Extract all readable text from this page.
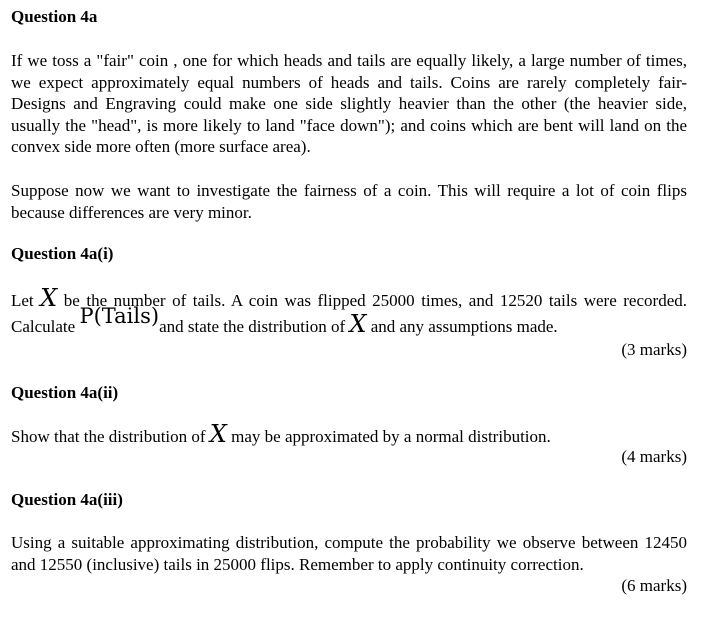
Question 4a
If we toss a "fair" coin , one for which heads and tails are equally likely, a large number of times, we expect approximately equal numbers of heads and tails. Coins are rarely completely fair- Designs and Engraving could make one side slightly heavier than the other (the heavier side, usually the "head", is more likely to land "face down"); and coins which are bent will land on the convex side more often (more surface area).
Suppose now we want to investigate the fairness of a coin. This will require a lot of coin flips because differences are very minor.
Question 4a(i)
Let X be the number of tails. A coin was flipped 25000 times, and 12520 tails were recorded. Calculate P(Tails)and state the distribution of X and any assumptions made.
(3 marks)
Question 4a(ii)
Show that the distribution of X may be approximated by a normal distribution.
(4 marks)
Question 4a(iii)
Using a suitable approximating distribution, compute the probability we observe between 12450 and 12550 (inclusive) tails in 25000 flips. Remember to apply continuity correction.
(6 marks)
